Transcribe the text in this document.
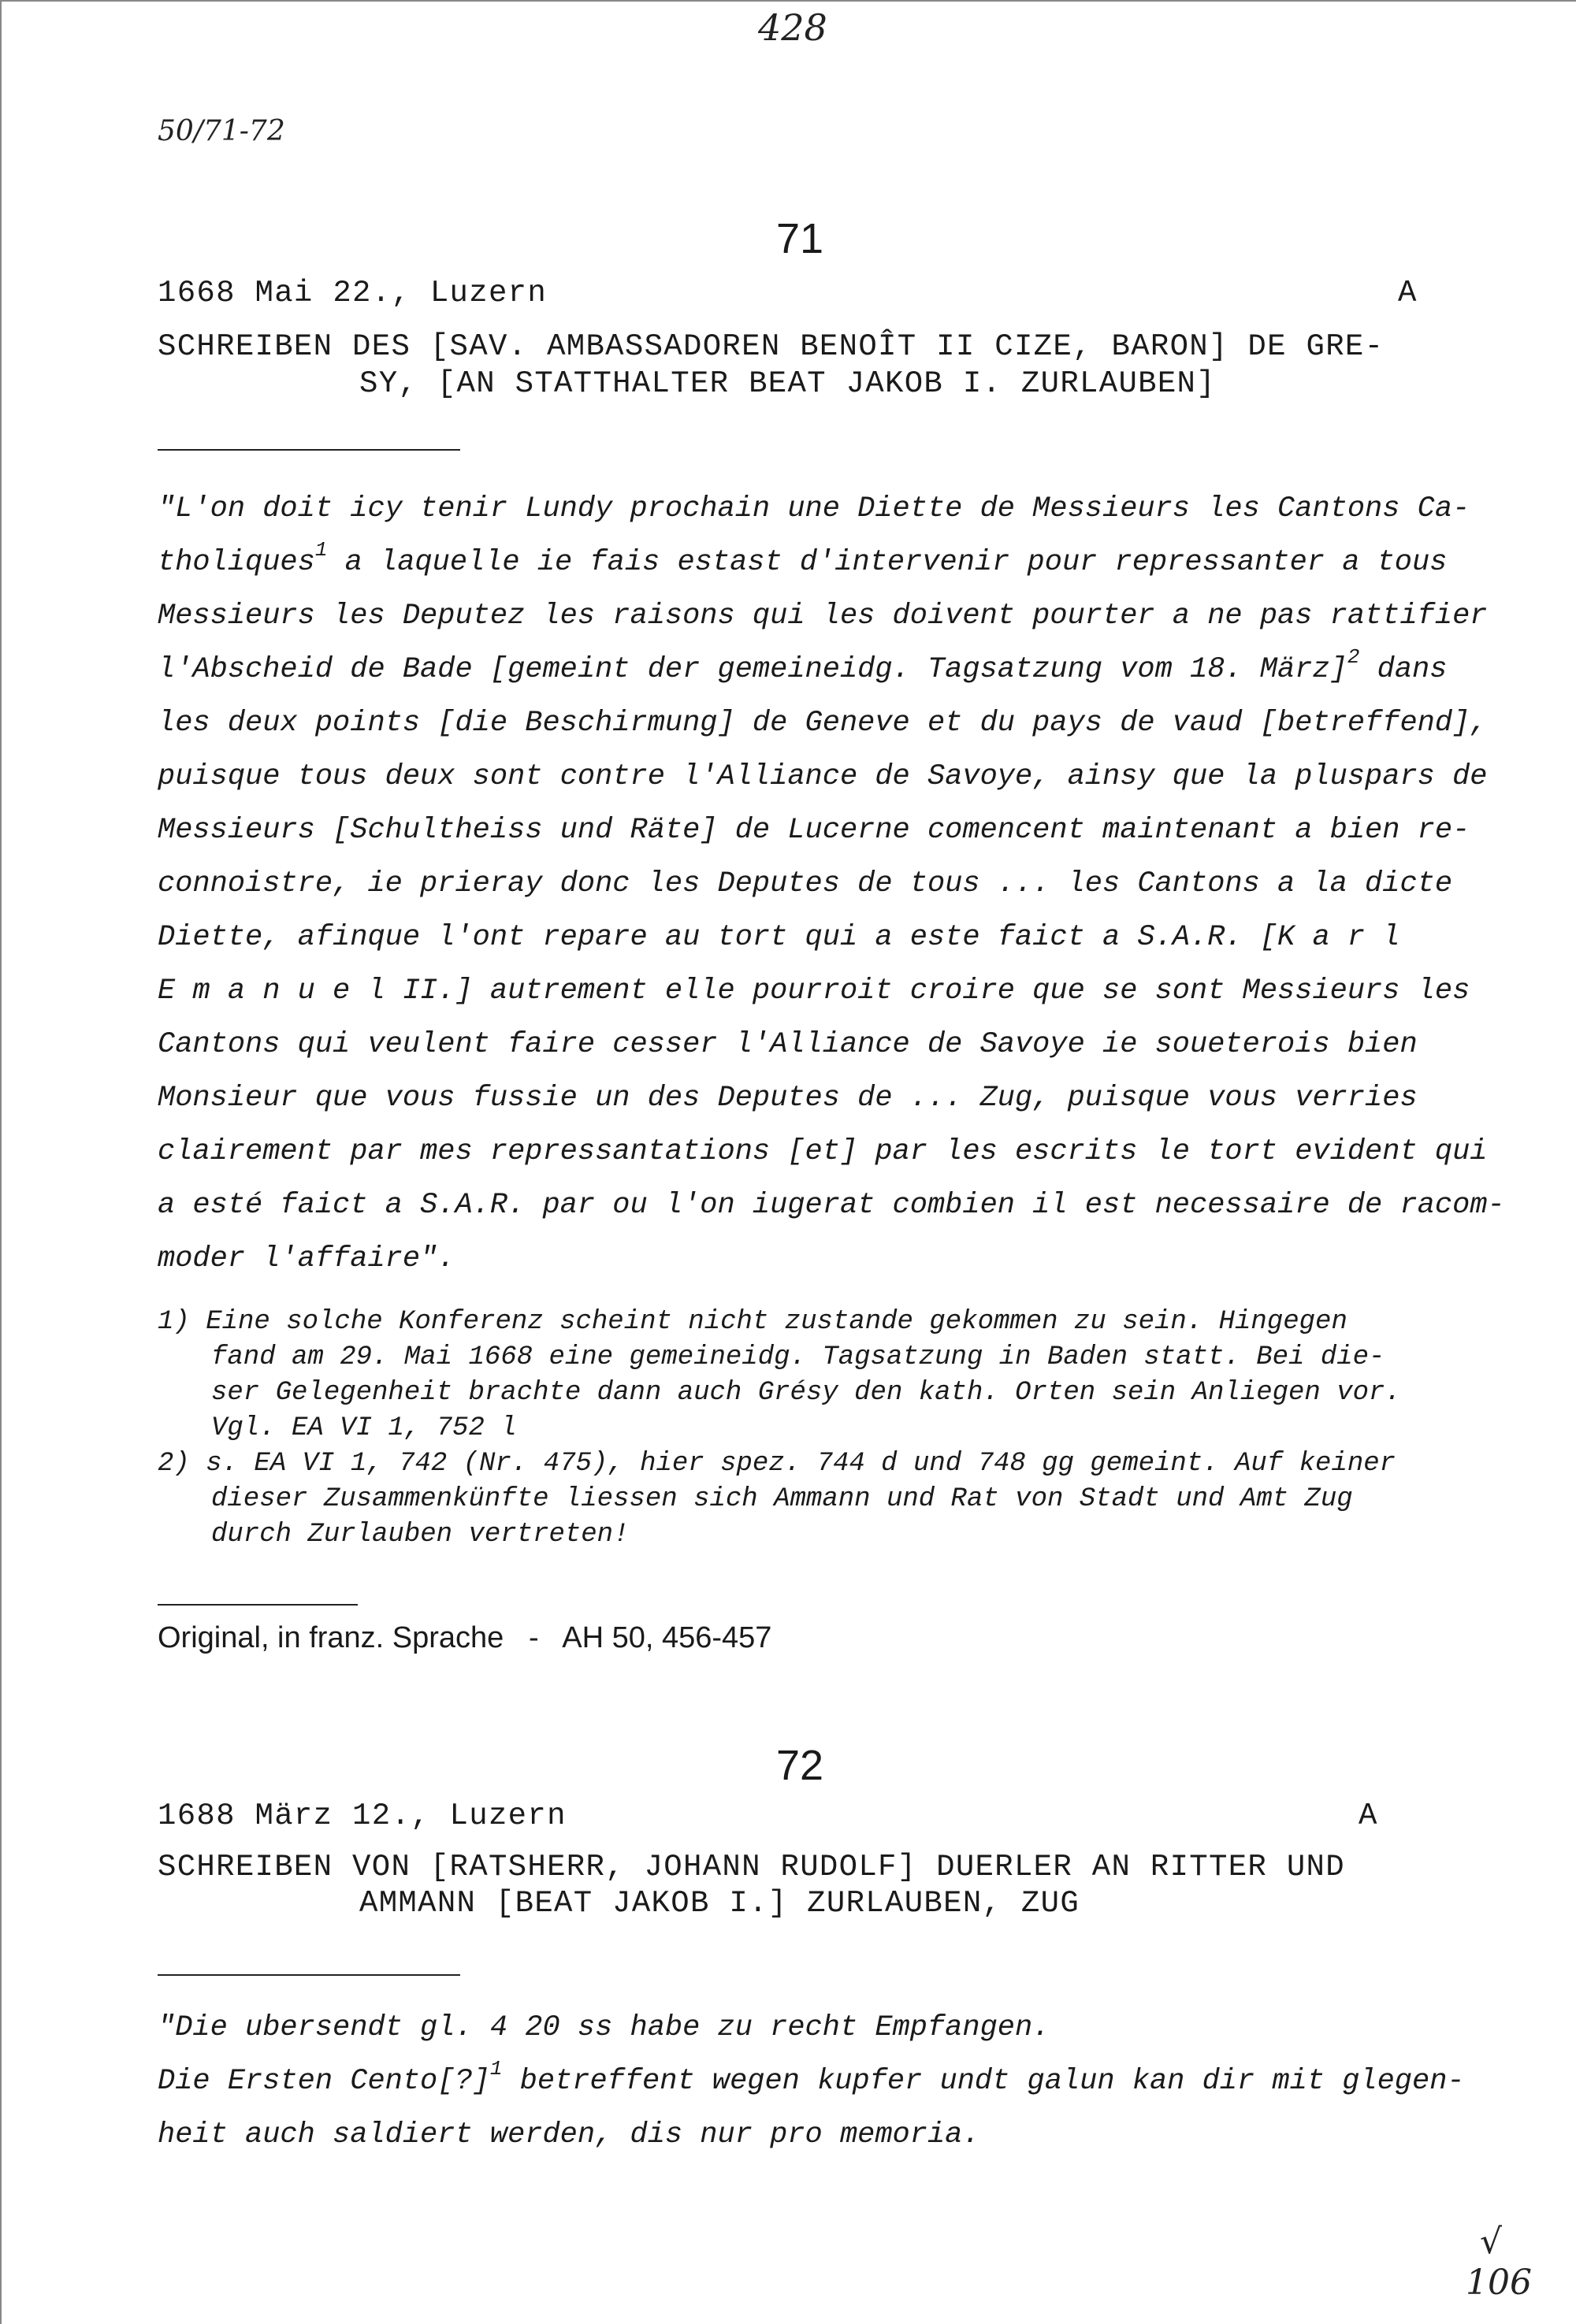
428
50/71-72
71
1668 Mai 22., Luzern	A
SCHREIBEN DES [SAV. AMBASSADOREN BENOÎT II CIZE, BARON] DE GRE-
SY, [AN STATTHALTER BEAT JAKOB I. ZURLAUBEN]
"L'on doit icy tenir Lundy prochain une Diette de Messieurs les Cantons Ca-
tholiques$^1$ a laquelle ie fais estast d'intervenir pour repressanter a tous
Messieurs les Deputez les raisons qui les doivent pourter a ne pas rattifier
l'Abscheid de Bade [gemeint der gemeineidg. Tagsatzung vom 18. März]$^2$ dans
les deux points [die Beschirmung] de Geneve et du pays de vaud [betreffend],
puisque tous deux sont contre l'Alliance de Savoye, ainsy que la pluspars de
Messieurs [Schultheiss und Räte] de Lucerne comencent maintenant a bien re-
connoistre, ie prieray donc les Deputes de tous ... les Cantons a la dicte
Diette, afinque l'ont repare au tort qui a este faict a S.A.R. [K a r l
E m a n u e l II.] autrement elle pourroit croire que se sont Messieurs les
Cantons qui veulent faire cesser l'Alliance de Savoye ie soueterois bien
Monsieur que vous fussie un des Deputes de ... Zug, puisque vous verries
clairement par mes repressantations [et] par les escrits le tort evident qui
a esté faict a S.A.R. par ou l'on iugerat combien il est necessaire de racom-
moder l'affaire".
1) Eine solche Konferenz scheint nicht zustande gekommen zu sein. Hingegen
fand am 29. Mai 1668 eine gemeineidg. Tagsatzung in Baden statt. Bei die-
ser Gelegenheit brachte dann auch Grésy den kath. Orten sein Anliegen vor.
Vgl. EA VI 1, 752 l
2) s. EA VI 1, 742 (Nr. 475), hier spez. 744 d und 748 gg gemeint. Auf keiner
dieser Zusammenkünfte liessen sich Ammann und Rat von Stadt und Amt Zug
durch Zurlauben vertreten!
Original, in franz. Sprache   -   AH 50, 456-457
72
1688 März 12., Luzern	A
SCHREIBEN VON [RATSHERR, JOHANN RUDOLF] DUERLER AN RITTER UND
AMMANN [BEAT JAKOB I.] ZURLAUBEN, ZUG
"Die ubersendt gl. 4 20 ss habe zu recht Empfangen.
Die Ersten Cento[?]$^1$ betreffent wegen kupfer undt galun kan dir mit glegen-
heit auch saldiert werden, dis nur pro memoria.
√
106
